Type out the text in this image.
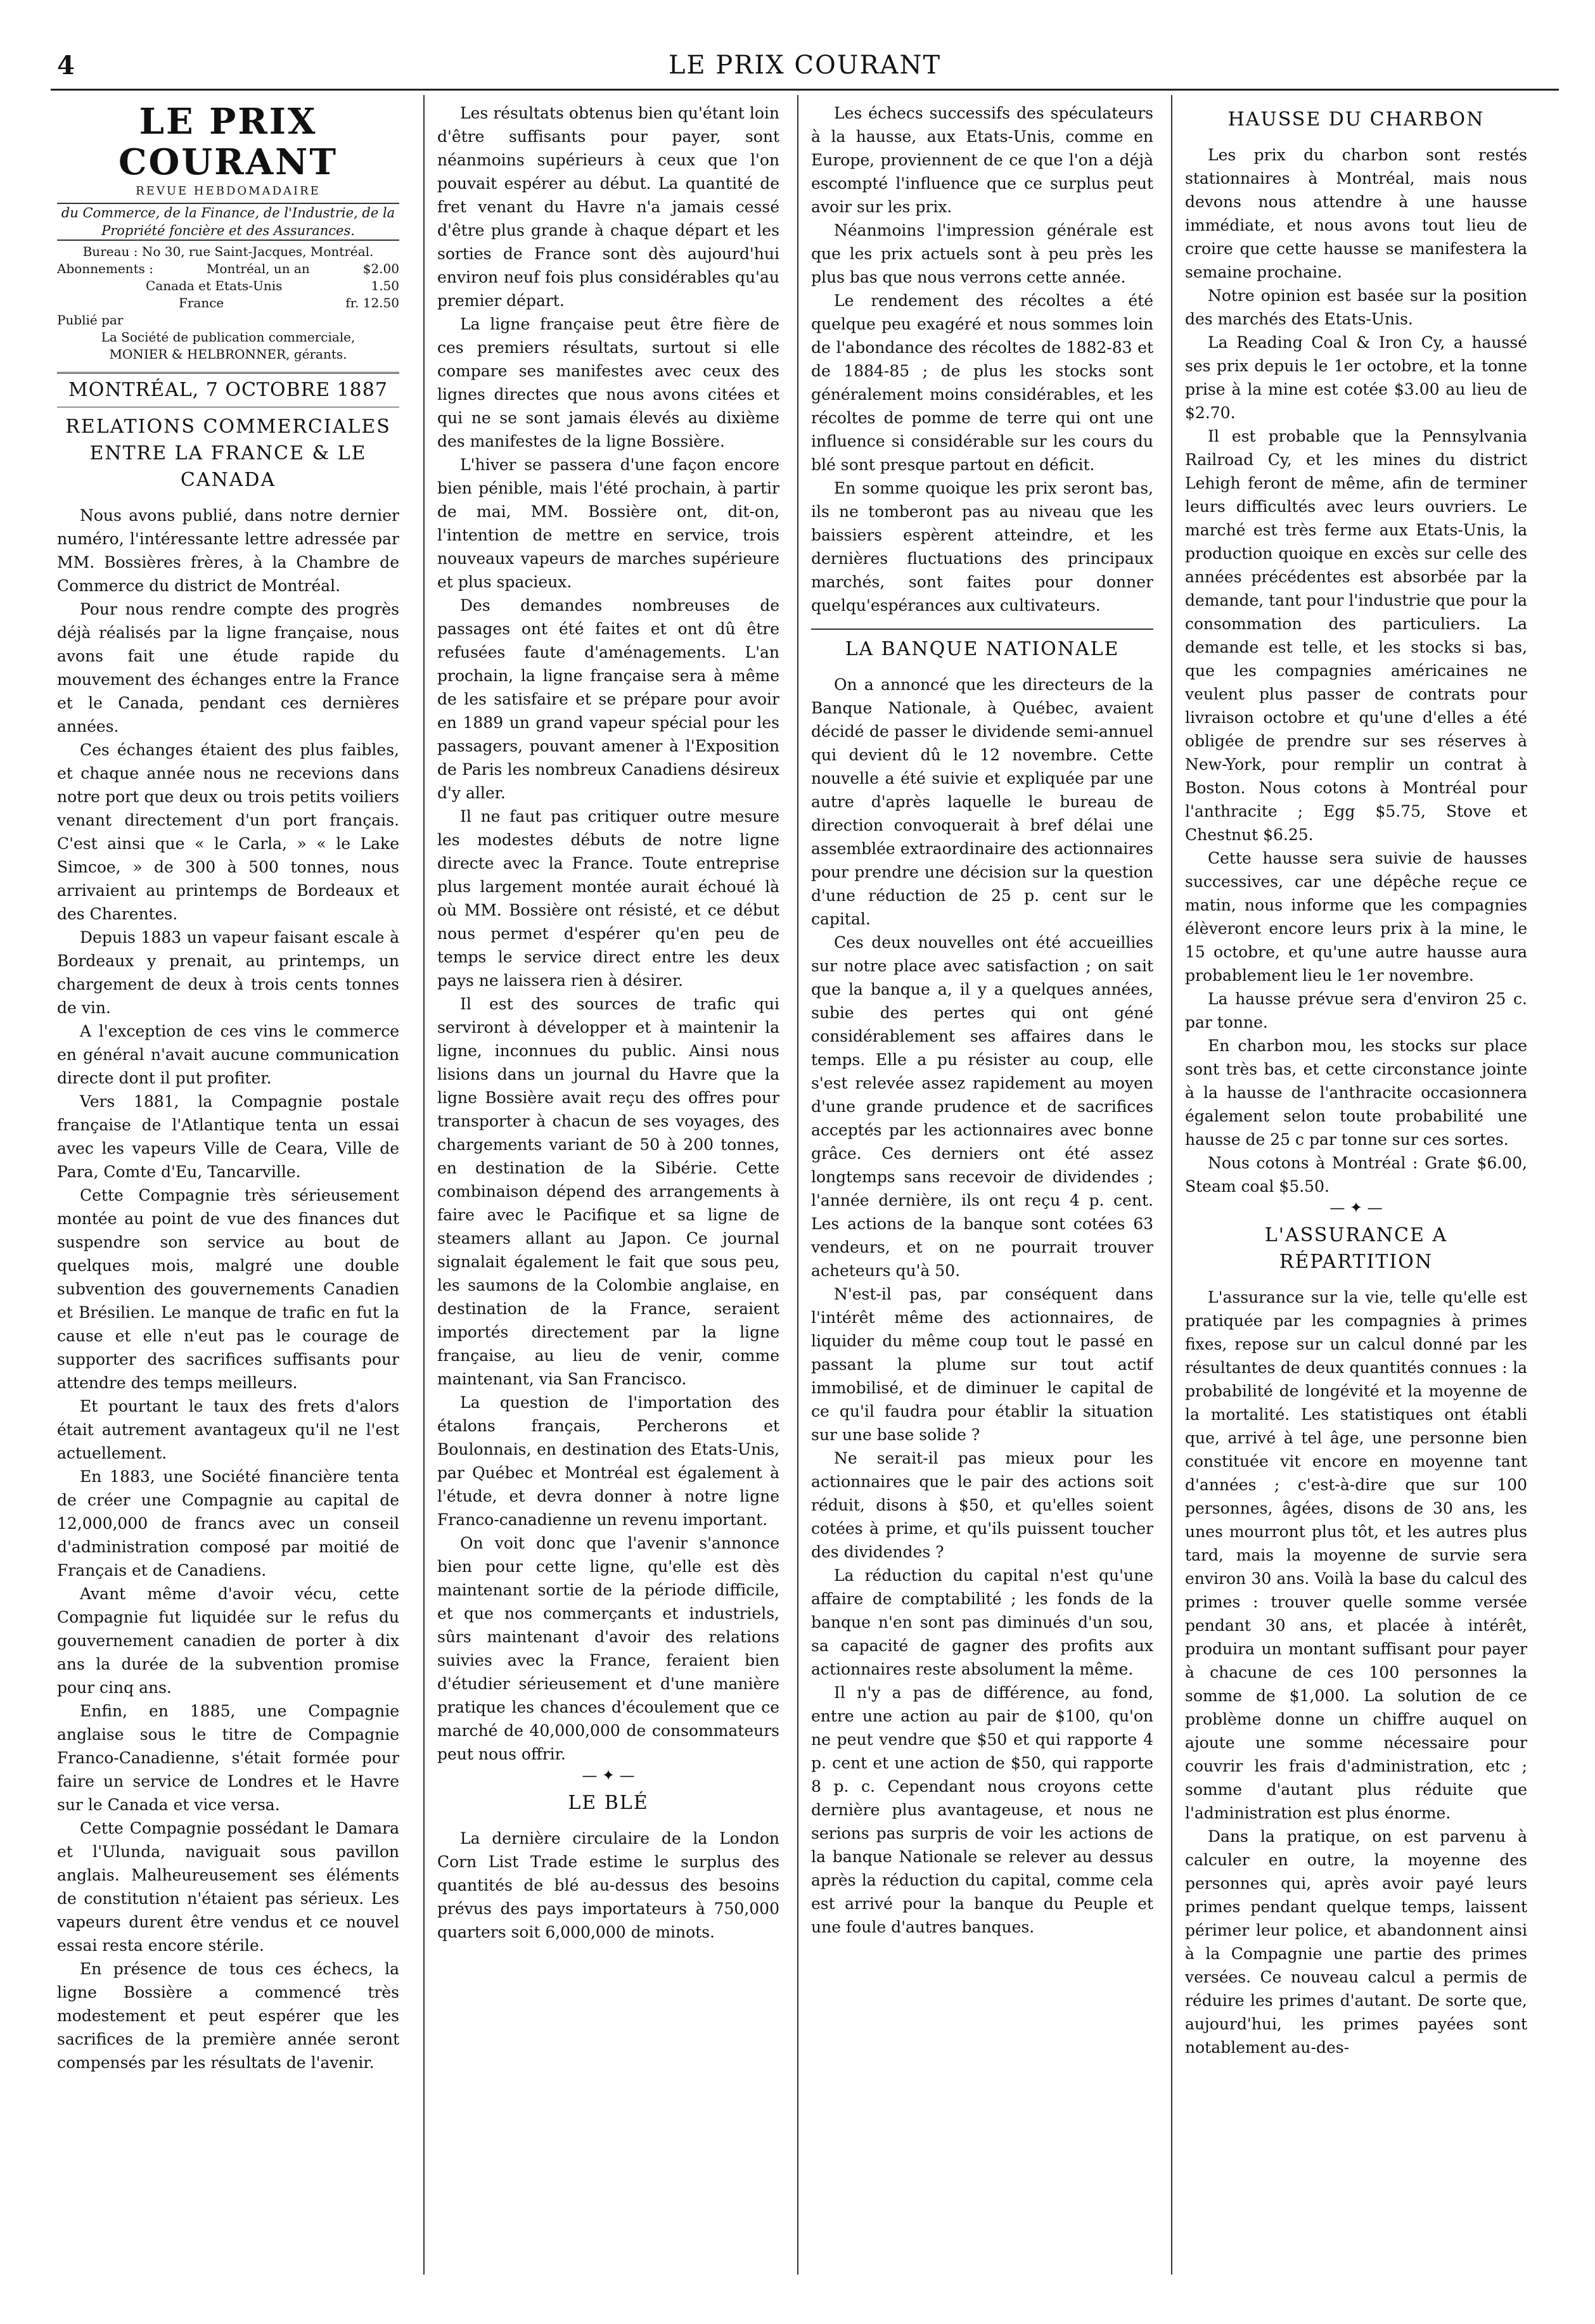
4	LE PRIX COURANT
LE PRIX COURANT
REVUE HEBDOMADAIRE
du Commerce, de la Finance, de l'Industrie, de la Propriété foncière et des Assurances.
Bureau : No 30, rue Saint-Jacques, Montréal.
Abonnements :	Montréal, un an	$2.00
Canada et Etats-Unis	1.50
France	fr. 12.50
Publié par
La Société de publication commerciale,
MONIER & HELBRONNER, gérants.
MONTRÉAL, 7 OCTOBRE 1887
RELATIONS COMMERCIALES ENTRE LA FRANCE & LE CANADA

Nous avons publié, dans notre dernier numéro, l'intéressante lettre adressée par MM. Bossières frères, à la Chambre de Commerce du district de Montréal.

Pour nous rendre compte des progrès déjà réalisés par la ligne française, nous avons fait une étude rapide du mouvement des échanges entre la France et le Canada, pendant ces dernières années.

Ces échanges étaient des plus faibles, et chaque année nous ne recevions dans notre port que deux ou trois petits voiliers venant directement d'un port français. C'est ainsi que « le Carla, » « le Lake Simcoe, » de 300 à 500 tonnes, nous arrivaient au printemps de Bordeaux et des Charentes.

Depuis 1883 un vapeur faisant escale à Bordeaux y prenait, au printemps, un chargement de deux à trois cents tonnes de vin.

A l'exception de ces vins le commerce en général n'avait aucune communication directe dont il put profiter.

Vers 1881, la Compagnie postale française de l'Atlantique tenta un essai avec les vapeurs Ville de Ceara, Ville de Para, Comte d'Eu, Tancarville.

Cette Compagnie très sérieusement montée au point de vue des finances dut suspendre son service au bout de quelques mois, malgré une double subvention des gouvernements Canadien et Brésilien. Le manque de trafic en fut la cause et elle n'eut pas le courage de supporter des sacrifices suffisants pour attendre des temps meilleurs.

Et pourtant le taux des frets d'alors était autrement avantageux qu'il ne l'est actuellement.

En 1883, une Société financière tenta de créer une Compagnie au capital de 12,000,000 de francs avec un conseil d'administration composé par moitié de Français et de Canadiens.

Avant même d'avoir vécu, cette Compagnie fut liquidée sur le refus du gouvernement canadien de porter à dix ans la durée de la subvention promise pour cinq ans.

Enfin, en 1885, une Compagnie anglaise sous le titre de Compagnie Franco-Canadienne, s'était formée pour faire un service de Londres et le Havre sur le Canada et vice versa.

Cette Compagnie possédant le Damara et l'Ulunda, naviguait sous pavillon anglais. Malheureusement ses éléments de constitution n'étaient pas sérieux. Les vapeurs durent être vendus et ce nouvel essai resta encore stérile.

En présence de tous ces échecs, la ligne Bossière a commencé très modestement et peut espérer que les sacrifices de la première année seront compensés par les résultats de l'avenir.

Les résultats obtenus bien qu'étant loin d'être suffisants pour payer, sont néanmoins supérieurs à ceux que l'on pouvait espérer au début. La quantité de fret venant du Havre n'a jamais cessé d'être plus grande à chaque départ et les sorties de France sont dès aujourd'hui environ neuf fois plus considérables qu'au premier départ.

La ligne française peut être fière de ces premiers résultats, surtout si elle compare ses manifestes avec ceux des lignes directes que nous avons citées et qui ne se sont jamais élevés au dixième des manifestes de la ligne Bossière.

L'hiver se passera d'une façon encore bien pénible, mais l'été prochain, à partir de mai, MM. Bossière ont, dit-on, l'intention de mettre en service, trois nouveaux vapeurs de marches supérieure et plus spacieux.

Des demandes nombreuses de passages ont été faites et ont dû être refusées faute d'aménagements. L'an prochain, la ligne française sera à même de les satisfaire et se prépare pour avoir en 1889 un grand vapeur spécial pour les passagers, pouvant amener à l'Exposition de Paris les nombreux Canadiens désireux d'y aller.

Il ne faut pas critiquer outre mesure les modestes débuts de notre ligne directe avec la France. Toute entreprise plus largement montée aurait échoué là où MM. Bossière ont résisté, et ce début nous permet d'espérer qu'en peu de temps le service direct entre les deux pays ne laissera rien à désirer.

Il est des sources de trafic qui serviront à développer et à maintenir la ligne, inconnues du public. Ainsi nous lisions dans un journal du Havre que la ligne Bossière avait reçu des offres pour transporter à chacun de ses voyages, des chargements variant de 50 à 200 tonnes, en destination de la Sibérie. Cette combinaison dépend des arrangements à faire avec le Pacifique et sa ligne de steamers allant au Japon. Ce journal signalait également le fait que sous peu, les saumons de la Colombie anglaise, en destination de la France, seraient importés directement par la ligne française, au lieu de venir, comme maintenant, via San Francisco.

La question de l'importation des étalons français, Percherons et Boulonnais, en destination des Etats-Unis, par Québec et Montréal est également à l'étude, et devra donner à notre ligne Franco-canadienne un revenu important.

On voit donc que l'avenir s'annonce bien pour cette ligne, qu'elle est dès maintenant sortie de la période difficile, et que nos commerçants et industriels, sûrs maintenant d'avoir des relations suivies avec la France, feraient bien d'étudier sérieusement et d'une manière pratique les chances d'écoulement que ce marché de 40,000,000 de consommateurs peut nous offrir.

— ✦ —
LE BLÉ

La dernière circulaire de la London Corn List Trade estime le surplus des quantités de blé au-dessus des besoins prévus des pays importateurs à 750,000 quarters soit 6,000,000 de minots.

Les échecs successifs des spéculateurs à la hausse, aux Etats-Unis, comme en Europe, proviennent de ce que l'on a déjà escompté l'influence que ce surplus peut avoir sur les prix.

Néanmoins l'impression générale est que les prix actuels sont à peu près les plus bas que nous verrons cette année.

Le rendement des récoltes a été quelque peu exagéré et nous sommes loin de l'abondance des récoltes de 1882-83 et de 1884-85 ; de plus les stocks sont généralement moins considérables, et les récoltes de pomme de terre qui ont une influence si considérable sur les cours du blé sont presque partout en déficit.

En somme quoique les prix seront bas, ils ne tomberont pas au niveau que les baissiers espèrent atteindre, et les dernières fluctuations des principaux marchés, sont faites pour donner quelqu'espérances aux cultivateurs.

LA BANQUE NATIONALE

On a annoncé que les directeurs de la Banque Nationale, à Québec, avaient décidé de passer le dividende semi-annuel qui devient dû le 12 novembre. Cette nouvelle a été suivie et expliquée par une autre d'après laquelle le bureau de direction convoquerait à bref délai une assemblée extraordinaire des actionnaires pour prendre une décision sur la question d'une réduction de 25 p. cent sur le capital.

Ces deux nouvelles ont été accueillies sur notre place avec satisfaction ; on sait que la banque a, il y a quelques années, subie des pertes qui ont géné considérablement ses affaires dans le temps. Elle a pu résister au coup, elle s'est relevée assez rapidement au moyen d'une grande prudence et de sacrifices acceptés par les actionnaires avec bonne grâce. Ces derniers ont été assez longtemps sans recevoir de dividendes ; l'année dernière, ils ont reçu 4 p. cent. Les actions de la banque sont cotées 63 vendeurs, et on ne pourrait trouver acheteurs qu'à 50.

N'est-il pas, par conséquent dans l'intérêt même des actionnaires, de liquider du même coup tout le passé en passant la plume sur tout actif immobilisé, et de diminuer le capital de ce qu'il faudra pour établir la situation sur une base solide ?

Ne serait-il pas mieux pour les actionnaires que le pair des actions soit réduit, disons à $50, et qu'elles soient cotées à prime, et qu'ils puissent toucher des dividendes ?

La réduction du capital n'est qu'une affaire de comptabilité ; les fonds de la banque n'en sont pas diminués d'un sou, sa capacité de gagner des profits aux actionnaires reste absolument la même.

Il n'y a pas de différence, au fond, entre une action au pair de $100, qu'on ne peut vendre que $50 et qui rapporte 4 p. cent et une action de $50, qui rapporte 8 p. c. Cependant nous croyons cette dernière plus avantageuse, et nous ne serions pas surpris de voir les actions de la banque Nationale se relever au dessus après la réduction du capital, comme cela est arrivé pour la banque du Peuple et une foule d'autres banques.

HAUSSE DU CHARBON

Les prix du charbon sont restés stationnaires à Montréal, mais nous devons nous attendre à une hausse immédiate, et nous avons tout lieu de croire que cette hausse se manifestera la semaine prochaine.

Notre opinion est basée sur la position des marchés des Etats-Unis.

La Reading Coal & Iron Cy, a haussé ses prix depuis le 1er octobre, et la tonne prise à la mine est cotée $3.00 au lieu de $2.70.

Il est probable que la Pennsylvania Railroad Cy, et les mines du district Lehigh feront de même, afin de terminer leurs difficultés avec leurs ouvriers. Le marché est très ferme aux Etats-Unis, la production quoique en excès sur celle des années précédentes est absorbée par la demande, tant pour l'industrie que pour la consommation des particuliers. La demande est telle, et les stocks si bas, que les compagnies américaines ne veulent plus passer de contrats pour livraison octobre et qu'une d'elles a été obligée de prendre sur ses réserves à New-York, pour remplir un contrat à Boston. Nous cotons à Montréal pour l'anthracite ; Egg $5.75, Stove et Chestnut $6.25.

Cette hausse sera suivie de hausses successives, car une dépêche reçue ce matin, nous informe que les compagnies élèveront encore leurs prix à la mine, le 15 octobre, et qu'une autre hausse aura probablement lieu le 1er novembre.

La hausse prévue sera d'environ 25 c. par tonne.

En charbon mou, les stocks sur place sont très bas, et cette circonstance jointe à la hausse de l'anthracite occasionnera également selon toute probabilité une hausse de 25 c par tonne sur ces sortes.

Nous cotons à Montréal : Grate $6.00, Steam coal $5.50.

— ✦ —
L'ASSURANCE A RÉPARTITION

L'assurance sur la vie, telle qu'elle est pratiquée par les compagnies à primes fixes, repose sur un calcul donné par les résultantes de deux quantités connues : la probabilité de longévité et la moyenne de la mortalité. Les statistiques ont établi que, arrivé à tel âge, une personne bien constituée vit encore en moyenne tant d'années ; c'est-à-dire que sur 100 personnes, âgées, disons de 30 ans, les unes mourront plus tôt, et les autres plus tard, mais la moyenne de survie sera environ 30 ans. Voilà la base du calcul des primes : trouver quelle somme versée pendant 30 ans, et placée à intérêt, produira un montant suffisant pour payer à chacune de ces 100 personnes la somme de $1,000. La solution de ce problème donne un chiffre auquel on ajoute une somme nécessaire pour couvrir les frais d'administration, etc ; somme d'autant plus réduite que l'administration est plus énorme.

Dans la pratique, on est parvenu à calculer en outre, la moyenne des personnes qui, après avoir payé leurs primes pendant quelque temps, laissent périmer leur police, et abandonnent ainsi à la Compagnie une partie des primes versées. Ce nouveau calcul a permis de réduire les primes d'autant. De sorte que, aujourd'hui, les primes payées sont notablement au-des-
